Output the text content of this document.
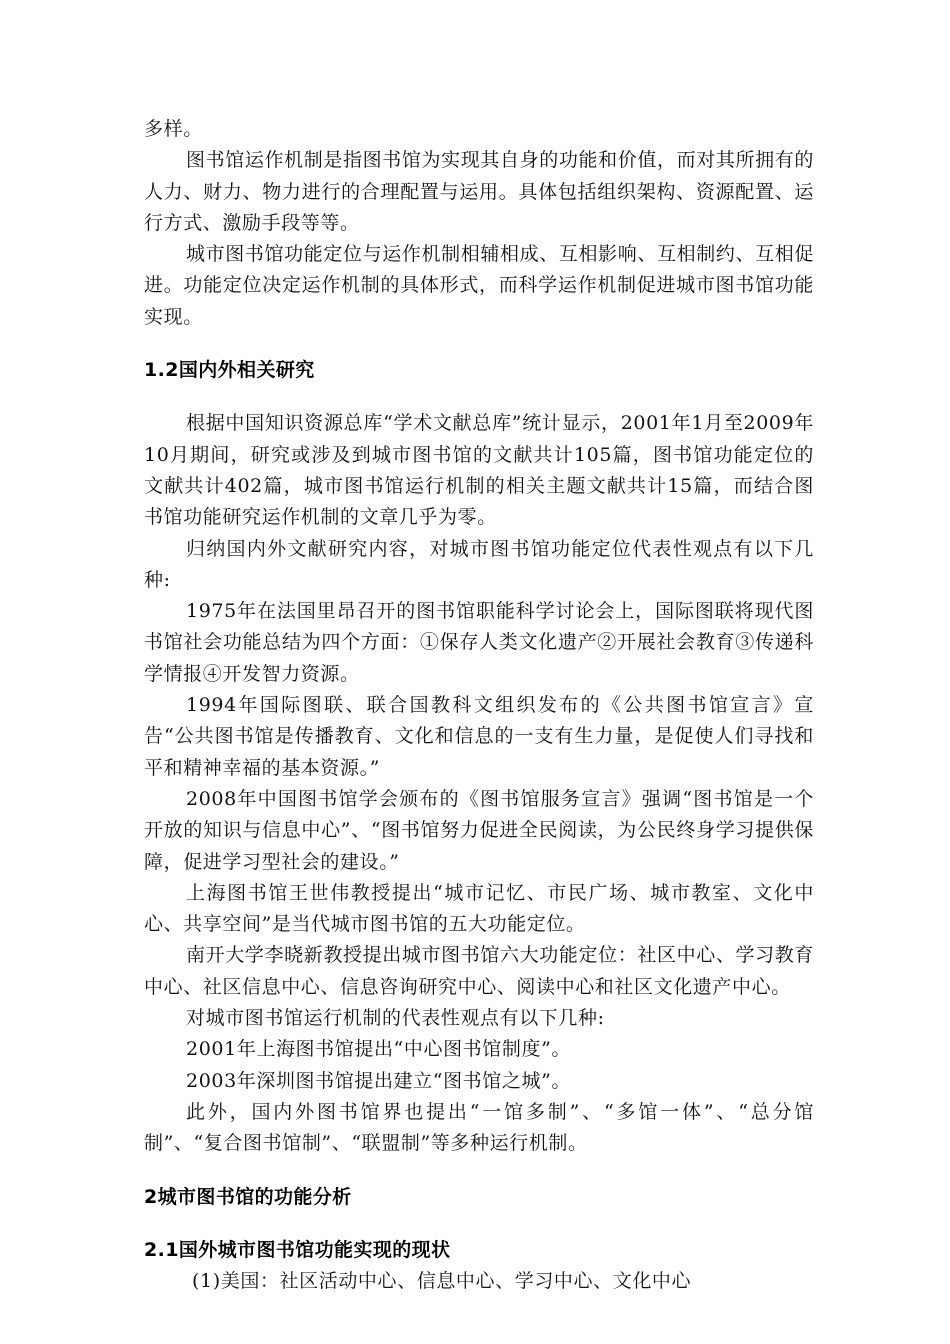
多样。

图书馆运作机制是指图书馆为实现其自身的功能和价值，而对其所拥有的人力、财力、物力进行的合理配置与运用。具体包括组织架构、资源配置、运行方式、激励手段等等。

城市图书馆功能定位与运作机制相辅相成、互相影响、互相制约、互相促进。功能定位决定运作机制的具体形式，而科学运作机制促进城市图书馆功能实现。

1.2国内外相关研究

根据中国知识资源总库“学术文献总库”统计显示，2001年1月至2009年10月期间，研究或涉及到城市图书馆的文献共计105篇，图书馆功能定位的文献共计402篇，城市图书馆运行机制的相关主题文献共计15篇，而结合图书馆功能研究运作机制的文章几乎为零。

归纳国内外文献研究内容，对城市图书馆功能定位代表性观点有以下几种:

1975年在法国里昂召开的图书馆职能科学讨论会上，国际图联将现代图书馆社会功能总结为四个方面：①保存人类文化遗产②开展社会教育③传递科学情报④开发智力资源。

1994年国际图联、联合国教科文组织发布的《公共图书馆宣言》宣告“公共图书馆是传播教育、文化和信息的一支有生力量，是促使人们寻找和平和精神幸福的基本资源。”

2008年中国图书馆学会颁布的《图书馆服务宣言》强调“图书馆是一个开放的知识与信息中心”、“图书馆努力促进全民阅读，为公民终身学习提供保障，促进学习型社会的建设。”

上海图书馆王世伟教授提出“城市记忆、市民广场、城市教室、文化中心、共享空间”是当代城市图书馆的五大功能定位。

南开大学李晓新教授提出城市图书馆六大功能定位：社区中心、学习教育中心、社区信息中心、信息咨询研究中心、阅读中心和社区文化遗产中心。

对城市图书馆运行机制的代表性观点有以下几种:

2001年上海图书馆提出“中心图书馆制度”。

2003年深圳图书馆提出建立“图书馆之城”。

此外，国内外图书馆界也提出“一馆多制”、“多馆一体”、“总分馆制”、“复合图书馆制”、“联盟制”等多种运行机制。

2城市图书馆的功能分析
2.1国外城市图书馆功能实现的现状

(1)美国：社区活动中心、信息中心、学习中心、文化中心
